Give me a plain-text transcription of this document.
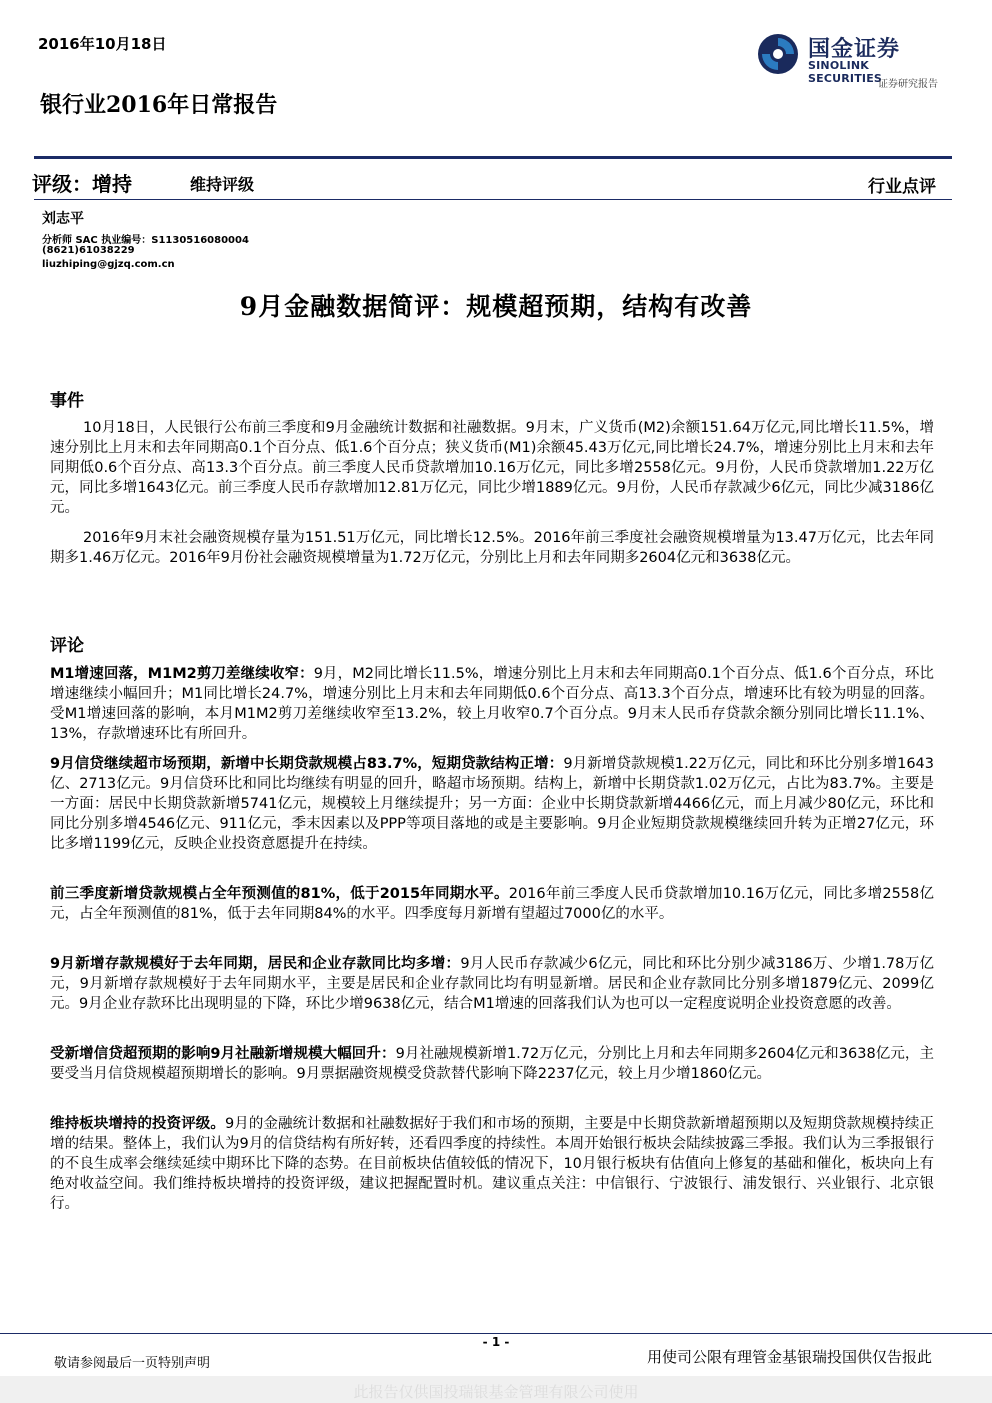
2016年10月18日	国金证券
SINOLINK SECURITIES
证券研究报告
银行业2016年日常报告
评级：增持	维持评级	行业点评
刘志平
分析师 SAC 执业编号：S1130516080004
(8621)61038229
liuzhiping@gjzq.com.cn
9月金融数据简评：规模超预期，结构有改善
事件
10月18日，人民银行公布前三季度和9月金融统计数据和社融数据。9月末，广义货币(M2)余额151.64万亿元,同比增长11.5%，增速分别比上月末和去年同期高0.1个百分点、低1.6个百分点；狭义货币(M1)余额45.43万亿元,同比增长24.7%，增速分别比上月末和去年同期低0.6个百分点、高13.3个百分点。前三季度人民币贷款增加10.16万亿元，同比多增2558亿元。9月份，人民币贷款增加1.22万亿元，同比多增1643亿元。前三季度人民币存款增加12.81万亿元，同比少增1889亿元。9月份，人民币存款减少6亿元，同比少减3186亿元。
2016年9月末社会融资规模存量为151.51万亿元，同比增长12.5%。2016年前三季度社会融资规模增量为13.47万亿元，比去年同期多1.46万亿元。2016年9月份社会融资规模增量为1.72万亿元，分别比上月和去年同期多2604亿元和3638亿元。
评论
M1增速回落，M1M2剪刀差继续收窄：9月，M2同比增长11.5%，增速分别比上月末和去年同期高0.1个百分点、低1.6个百分点，环比增速继续小幅回升；M1同比增长24.7%，增速分别比上月末和去年同期低0.6个百分点、高13.3个百分点，增速环比有较为明显的回落。受M1增速回落的影响，本月M1M2剪刀差继续收窄至13.2%，较上月收窄0.7个百分点。9月末人民币存贷款余额分别同比增长11.1%、13%，存款增速环比有所回升。
9月信贷继续超市场预期，新增中长期贷款规模占83.7%，短期贷款结构正增：9月新增贷款规模1.22万亿元，同比和环比分别多增1643亿、2713亿元。9月信贷环比和同比均继续有明显的回升，略超市场预期。结构上，新增中长期贷款1.02万亿元，占比为83.7%。主要是一方面：居民中长期贷款新增5741亿元，规模较上月继续提升；另一方面：企业中长期贷款新增4466亿元，而上月减少80亿元，环比和同比分别多增4546亿元、911亿元，季末因素以及PPP等项目落地的或是主要影响。9月企业短期贷款规模继续回升转为正增27亿元，环比多增1199亿元，反映企业投资意愿提升在持续。
前三季度新增贷款规模占全年预测值的81%，低于2015年同期水平。2016年前三季度人民币贷款增加10.16万亿元，同比多增2558亿元，占全年预测值的81%，低于去年同期84%的水平。四季度每月新增有望超过7000亿的水平。
9月新增存款规模好于去年同期，居民和企业存款同比均多增：9月人民币存款减少6亿元，同比和环比分别少减3186万、少增1.78万亿元，9月新增存款规模好于去年同期水平，主要是居民和企业存款同比均有明显新增。居民和企业存款同比分别多增1879亿元、2099亿元。9月企业存款环比出现明显的下降，环比少增9638亿元，结合M1增速的回落我们认为也可以一定程度说明企业投资意愿的改善。
受新增信贷超预期的影响9月社融新增规模大幅回升：9月社融规模新增1.72万亿元，分别比上月和去年同期多2604亿元和3638亿元，主要受当月信贷规模超预期增长的影响。9月票据融资规模受贷款替代影响下降2237亿元，较上月少增1860亿元。
维持板块增持的投资评级。9月的金融统计数据和社融数据好于我们和市场的预期，主要是中长期贷款新增超预期以及短期贷款规模持续正增的结果。整体上，我们认为9月的信贷结构有所好转，还看四季度的持续性。本周开始银行板块会陆续披露三季报。我们认为三季报银行的不良生成率会继续延续中期环比下降的态势。在目前板块估值较低的情况下，10月银行板块有估值向上修复的基础和催化，板块向上有绝对收益空间。我们维持板块增持的投资评级，建议把握配置时机。建议重点关注：中信银行、宁波银行、浦发银行、兴业银行、北京银行。
- 1 -
敬请参阅最后一页特别声明	用使司公限有理管金基银瑞投国供仅告报此
此报告仅供国投瑞银基金管理有限公司使用
